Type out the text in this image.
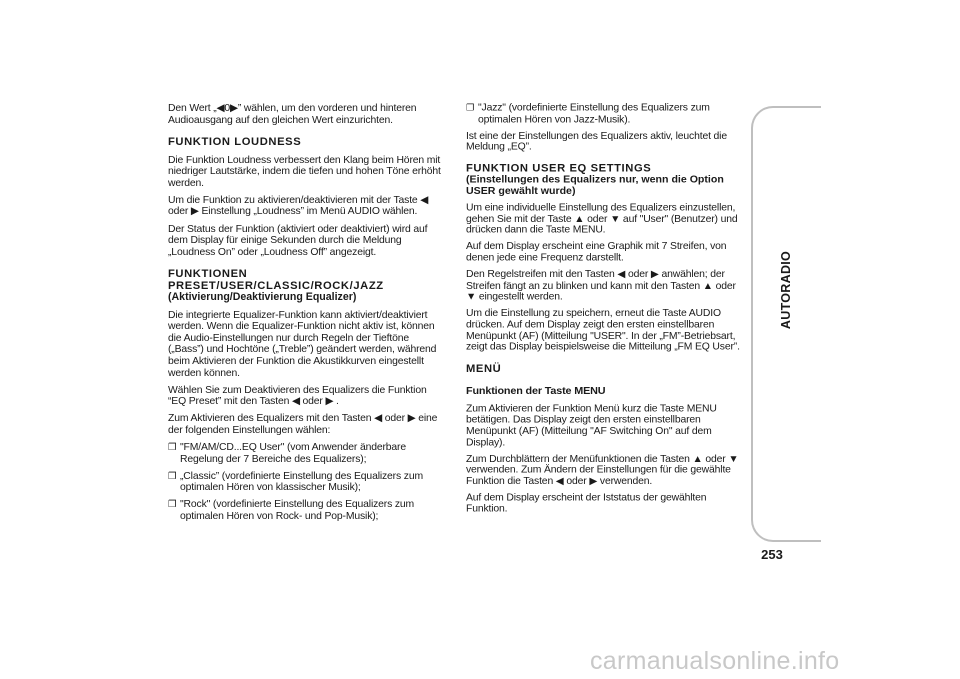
Den Wert „◀0▶” wählen, um den vorderen und hinteren Audioausgang auf den gleichen Wert einzurichten.

FUNKTION LOUDNESS

Die Funktion Loudness verbessert den Klang beim Hören mit niedriger Lautstärke, indem die tiefen und hohen Töne erhöht werden.

Um die Funktion zu aktivieren/deaktivieren mit der Taste ◀ oder ▶ Einstellung „Loudness” im Menü AUDIO wählen.

Der Status der Funktion (aktiviert oder deaktiviert) wird auf dem Display für einige Sekunden durch die Meldung „Loudness On” oder „Loudness Off” angezeigt.

FUNKTIONEN
PRESET/USER/CLASSIC/ROCK/JAZZ
(Aktivierung/Deaktivierung Equalizer)

Die integrierte Equalizer-Funktion kann aktiviert/deaktiviert werden. Wenn die Equalizer-Funktion nicht aktiv ist, können die Audio-Einstellungen nur durch Regeln der Tieftöne („Bass”) und Hochtöne („Treble”) geändert werden, während beim Aktivieren der Funktion die Akustikkurven eingestellt werden können.

Wählen Sie zum Deaktivieren des Equalizers die Funktion “EQ Preset” mit den Tasten ◀ oder ▶ .

Zum Aktivieren des Equalizers mit den Tasten ◀ oder ▶ eine der folgenden Einstellungen wählen:

❒ "FM/AM/CD...EQ User" (vom Anwender änderbare Regelung der 7 Bereiche des Equalizers);

❒ „Classic” (vordefinierte Einstellung des Equalizers zum optimalen Hören von klassischer Musik);

❒ "Rock" (vordefinierte Einstellung des Equalizers zum optimalen Hören von Rock- und Pop-Musik);

❒ "Jazz" (vordefinierte Einstellung des Equalizers zum optimalen Hören von Jazz-Musik).

Ist eine der Einstellungen des Equalizers aktiv, leuchtet die Meldung „EQ”.

FUNKTION USER EQ SETTINGS
(Einstellungen des Equalizers nur, wenn die Option USER gewählt wurde)

Um eine individuelle Einstellung des Equalizers einzustellen, gehen Sie mit der Taste ▲ oder ▼ auf "User" (Benutzer) und drücken dann die Taste MENU.

Auf dem Display erscheint eine Graphik mit 7 Streifen, von denen jede eine Frequenz darstellt.

Den Regelstreifen mit den Tasten ◀ oder ▶ anwählen; der Streifen fängt an zu blinken und kann mit den Tasten ▲ oder ▼ eingestellt werden.

Um die Einstellung zu speichern, erneut die Taste AUDIO drücken. Auf dem Display zeigt den ersten einstellbaren Menüpunkt (AF) (Mitteilung "USER". In der „FM”-Betriebsart, zeigt das Display beispielsweise die Mitteilung „FM EQ User”.

MENÜ
Funktionen der Taste MENU

Zum Aktivieren der Funktion Menü kurz die Taste MENU betätigen. Das Display zeigt den ersten einstellbaren Menüpunkt (AF) (Mitteilung "AF Switching On" auf dem Display).

Zum Durchblättern der Menüfunktionen die Tasten ▲ oder ▼ verwenden. Zum Ändern der Einstellungen für die gewählte Funktion die Tasten ◀ oder ▶ verwenden.

Auf dem Display erscheint der Iststatus der gewählten Funktion.

AUTORADIO
253
carmanualsonline.info
